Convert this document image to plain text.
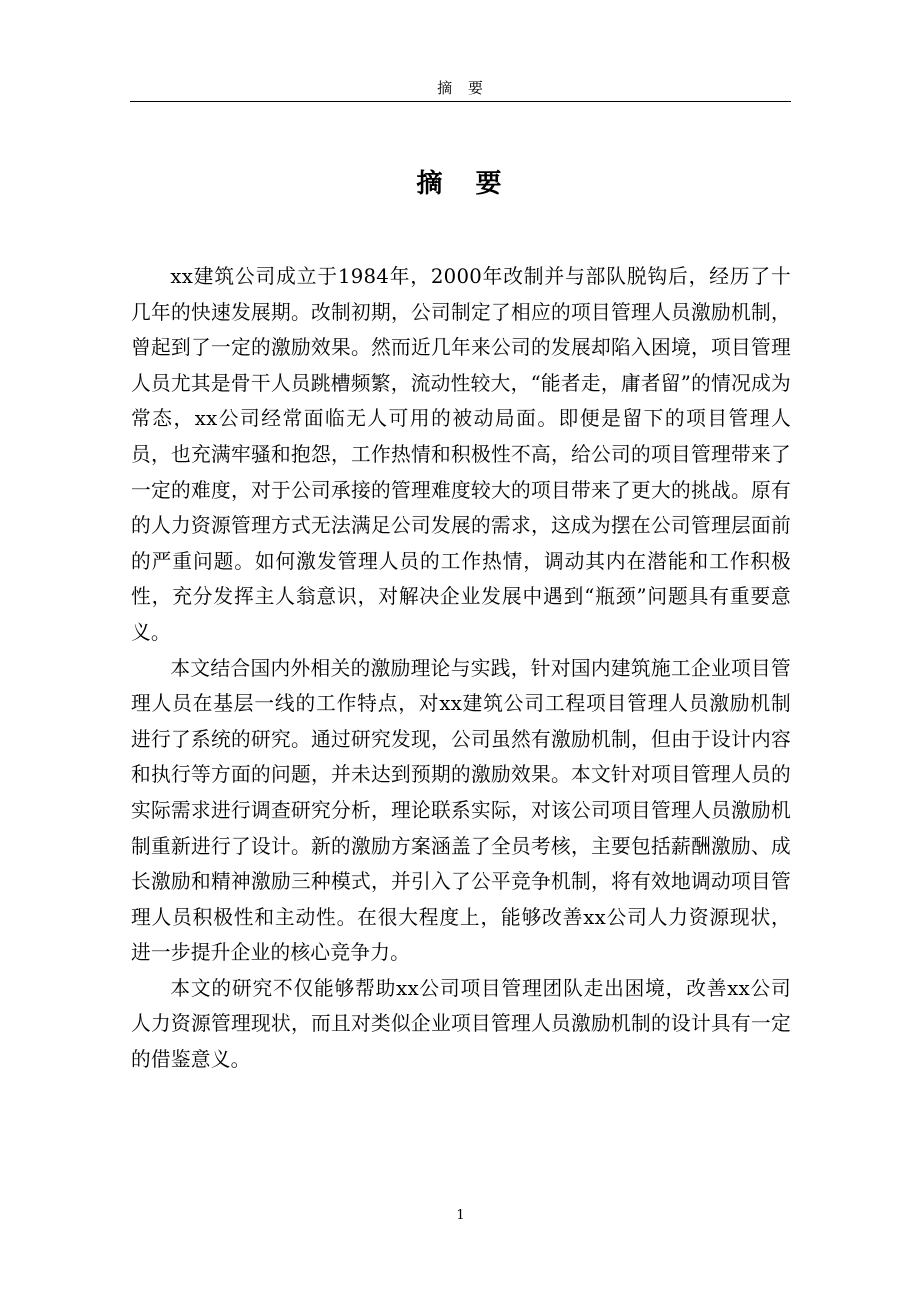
摘 要
摘 要

xx建筑公司成立于1984年，2000年改制并与部队脱钩后，经历了十几年的快速发展期。改制初期，公司制定了相应的项目管理人员激励机制，曾起到了一定的激励效果。然而近几年来公司的发展却陷入困境，项目管理人员尤其是骨干人员跳槽频繁，流动性较大，“能者走，庸者留”的情况成为常态，xx公司经常面临无人可用的被动局面。即便是留下的项目管理人员，也充满牢骚和抱怨，工作热情和积极性不高，给公司的项目管理带来了一定的难度，对于公司承接的管理难度较大的项目带来了更大的挑战。原有的人力资源管理方式无法满足公司发展的需求，这成为摆在公司管理层面前的严重问题。如何激发管理人员的工作热情，调动其内在潜能和工作积极性，充分发挥主人翁意识，对解决企业发展中遇到“瓶颈”问题具有重要意义。

本文结合国内外相关的激励理论与实践，针对国内建筑施工企业项目管理人员在基层一线的工作特点，对xx建筑公司工程项目管理人员激励机制进行了系统的研究。通过研究发现，公司虽然有激励机制，但由于设计内容和执行等方面的问题，并未达到预期的激励效果。本文针对项目管理人员的实际需求进行调查研究分析，理论联系实际，对该公司项目管理人员激励机制重新进行了设计。新的激励方案涵盖了全员考核，主要包括薪酬激励、成长激励和精神激励三种模式，并引入了公平竞争机制，将有效地调动项目管理人员积极性和主动性。在很大程度上，能够改善xx公司人力资源现状，进一步提升企业的核心竞争力。

本文的研究不仅能够帮助xx公司项目管理团队走出困境，改善xx公司人力资源管理现状，而且对类似企业项目管理人员激励机制的设计具有一定的借鉴意义。

1
